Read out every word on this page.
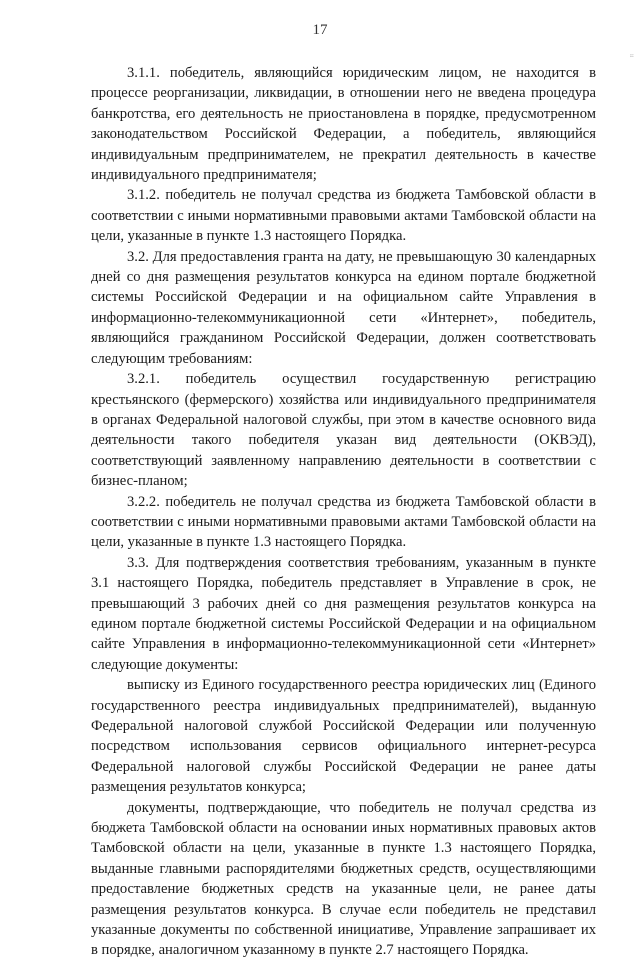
17
ii

3.1.1. победитель, являющийся юридическим лицом, не находится в процессе реорганизации, ликвидации, в отношении него не введена процедура банкротства, его деятельность не приостановлена в порядке, предусмотренном законодательством Российской Федерации, а победитель, являющийся индивидуальным предпринимателем, не прекратил деятельность в качестве индивидуального предпринимателя;

3.1.2. победитель не получал средства из бюджета Тамбовской области в соответствии с иными нормативными правовыми актами Тамбовской области на цели, указанные в пункте 1.3 настоящего Порядка.

3.2. Для предоставления гранта на дату, не превышающую 30 календарных дней со дня размещения результатов конкурса на едином портале бюджетной системы Российской Федерации и на официальном сайте Управления в информационно-телекоммуникационной сети «Интернет», победитель, являющийся гражданином Российской Федерации, должен соответствовать следующим требованиям:

3.2.1. победитель осуществил государственную регистрацию крестьянского (фермерского) хозяйства или индивидуального предпринимателя в органах Федеральной налоговой службы, при этом в качестве основного вида деятельности такого победителя указан вид деятельности (ОКВЭД), соответствующий заявленному направлению деятельности в соответствии с бизнес-планом;

3.2.2. победитель не получал средства из бюджета Тамбовской области в соответствии с иными нормативными правовыми актами Тамбовской области на цели, указанные в пункте 1.3 настоящего Порядка.

3.3. Для подтверждения соответствия требованиям, указанным в пункте 3.1 настоящего Порядка, победитель представляет в Управление в срок, не превышающий 3 рабочих дней со дня размещения результатов конкурса на едином портале бюджетной системы Российской Федерации и на официальном сайте Управления в информационно-телекоммуникационной сети «Интернет» следующие документы:

выписку из Единого государственного реестра юридических лиц (Единого государственного реестра индивидуальных предпринимателей), выданную Федеральной налоговой службой Российской Федерации или полученную посредством использования сервисов официального интернет-ресурса Федеральной налоговой службы Российской Федерации не ранее даты размещения результатов конкурса;

документы, подтверждающие, что победитель не получал средства из бюджета Тамбовской области на основании иных нормативных правовых актов Тамбовской области на цели, указанные в пункте 1.3 настоящего Порядка, выданные главными распорядителями бюджетных средств, осуществляющими предоставление бюджетных средств на указанные цели, не ранее даты размещения результатов конкурса. В случае если победитель не представил указанные документы по собственной инициативе, Управление запрашивает их в порядке, аналогичном указанному в пункте 2.7 настоящего Порядка.
